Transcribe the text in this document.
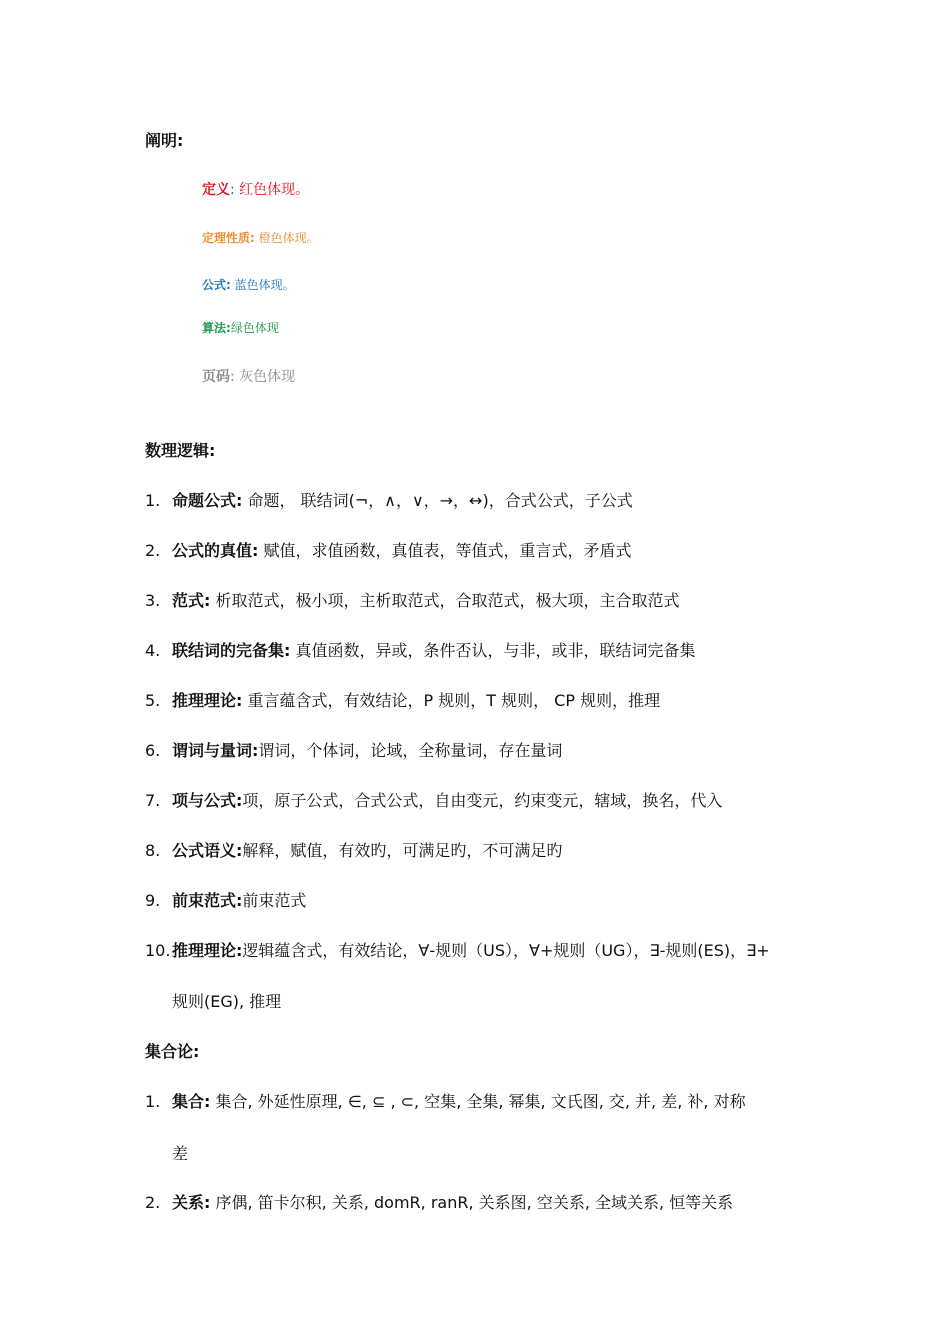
阐明:
定义: 红色体现。
定理性质: 橙色体现。
公式: 蓝色体现。
算法:绿色体现
页码: 灰色体现
数理逻辑:
1. 命题公式: 命题， 联结词(¬，∧，∨，→，↔)，合式公式，子公式
2. 公式的真值: 赋值，求值函数，真值表，等值式，重言式，矛盾式
3. 范式: 析取范式，极小项，主析取范式，合取范式，极大项，主合取范式
4. 联结词的完备集: 真值函数，异或，条件否认，与非，或非，联结词完备集
5. 推理理论: 重言蕴含式，有效结论，P 规则，T 规则， CP 规则，推理
6. 谓词与量词:谓词，个体词，论域，全称量词，存在量词
7. 项与公式:项，原子公式，合式公式，自由变元，约束变元，辖域，换名，代入
8. 公式语义:解释，赋值，有效旳，可满足旳，不可满足旳
9. 前束范式:前束范式
10.推理理论:逻辑蕴含式，有效结论，∀-规则（US），∀+规则（UG），∃-规则(ES)，∃+
规则(EG), 推理
集合论:
1. 集合: 集合, 外延性原理, ∈, ⊆ , ⊂, 空集, 全集, 幂集, 文氏图, 交, 并, 差, 补, 对称
差
2. 关系: 序偶, 笛卡尔积, 关系, domR, ranR, 关系图, 空关系, 全域关系, 恒等关系
